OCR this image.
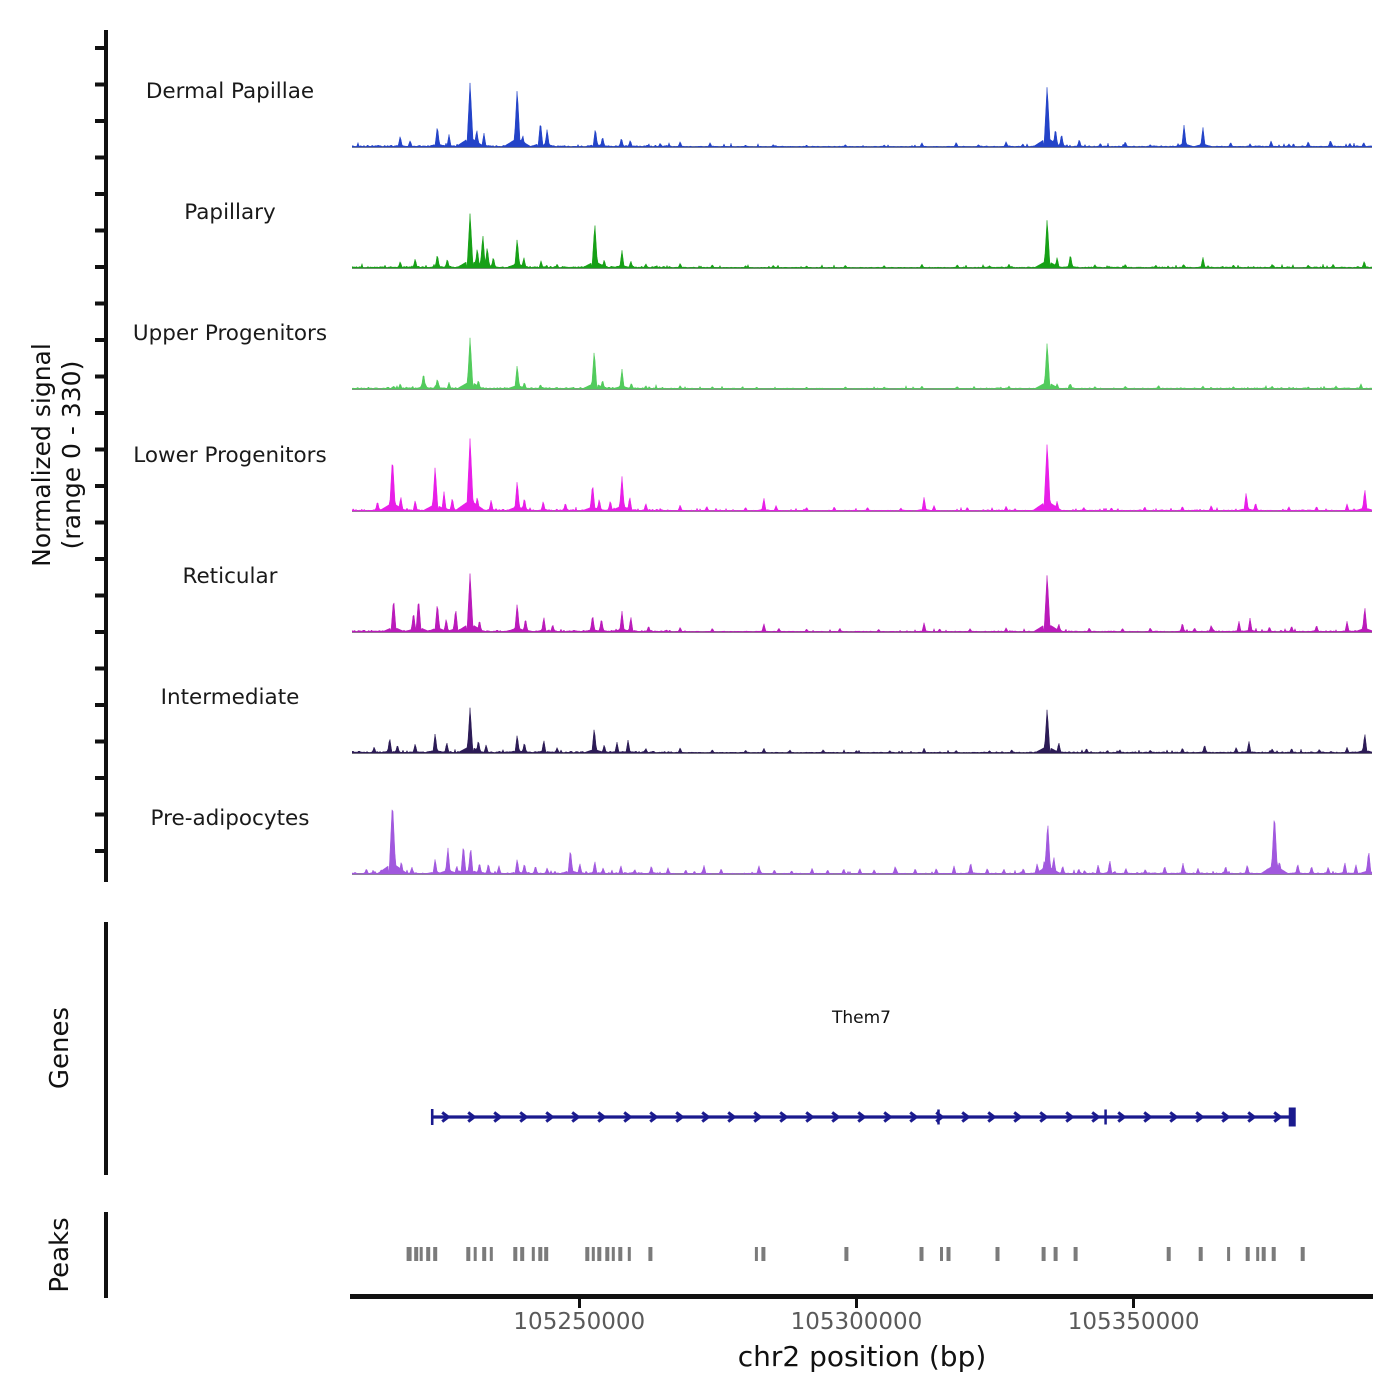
Normalized signal (range 0 - 330)
Genes	Them7
Peaks
chr2 position (bp)
Dermal Papillae
Papillary
Upper Progenitors
Lower Progenitors
Reticular
Intermediate
Pre-adipocytes
105250000	105300000	105350000
